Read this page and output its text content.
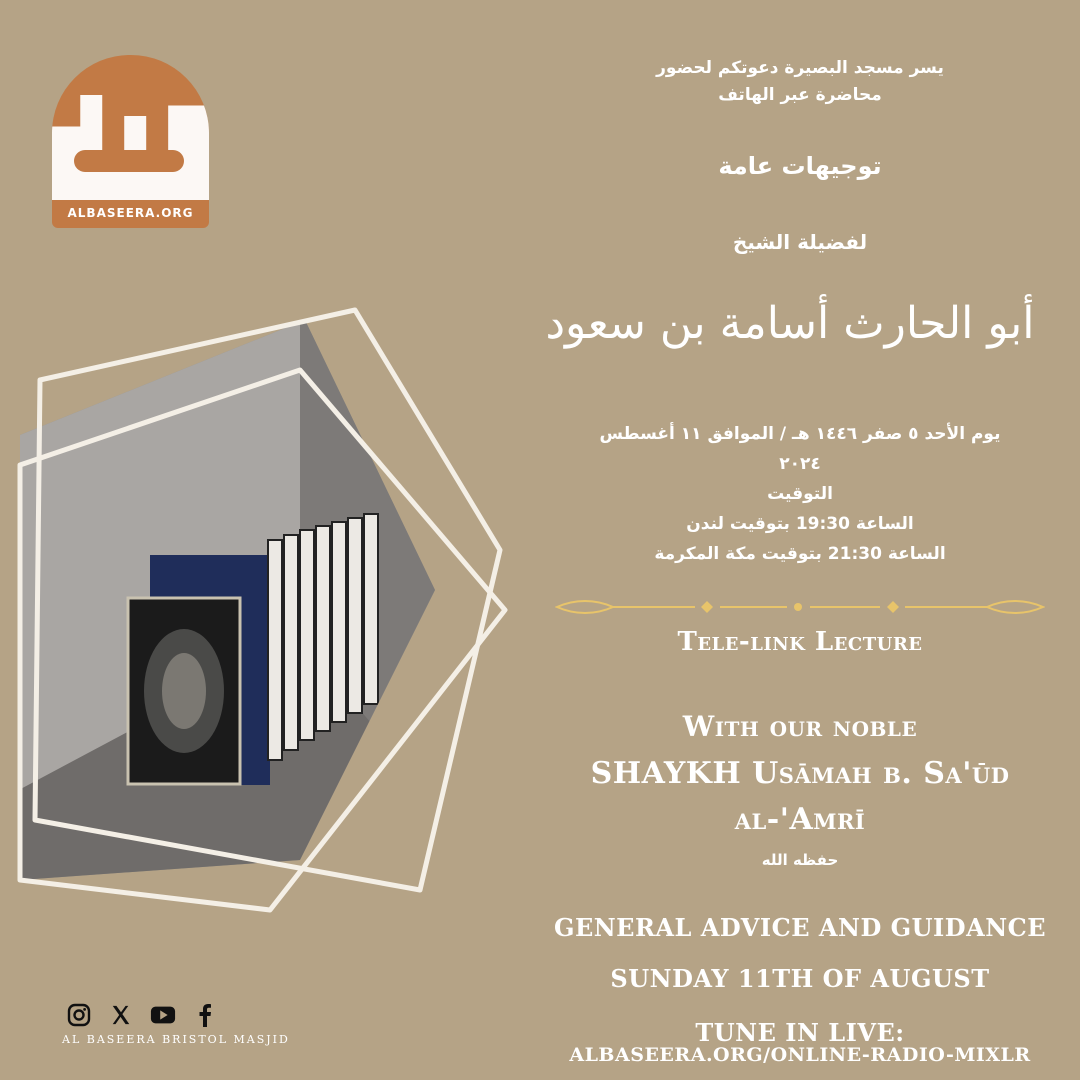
ALBASEERA.ORG
يسر مسجد البصيرة دعوتكم لحضور
محاضرة عبر الهاتف
توجيهات عامة
لفضيلة الشيخ
أبو الحارث أسامة بن سعود
يوم الأحد ٥ صفر ١٤٤٦ هـ / الموافق ١١ أغسطس
٢٠٢٤
التوقيت
الساعة 19:30 بتوقيت لندن
الساعة 21:30 بتوقيت مكة المكرمة
Tele-link Lecture
With our noble
SHAYKH Usāmah b. Sa'ūd
al-'Amrī
حفظه الله
GENERAL ADVICE AND GUIDANCE
SUNDAY 11TH OF AUGUST
TUNE IN LIVE:
ALBASEERA.ORG/ONLINE-RADIO-MIXLR
AL BASEERA BRISTOL MASJID
